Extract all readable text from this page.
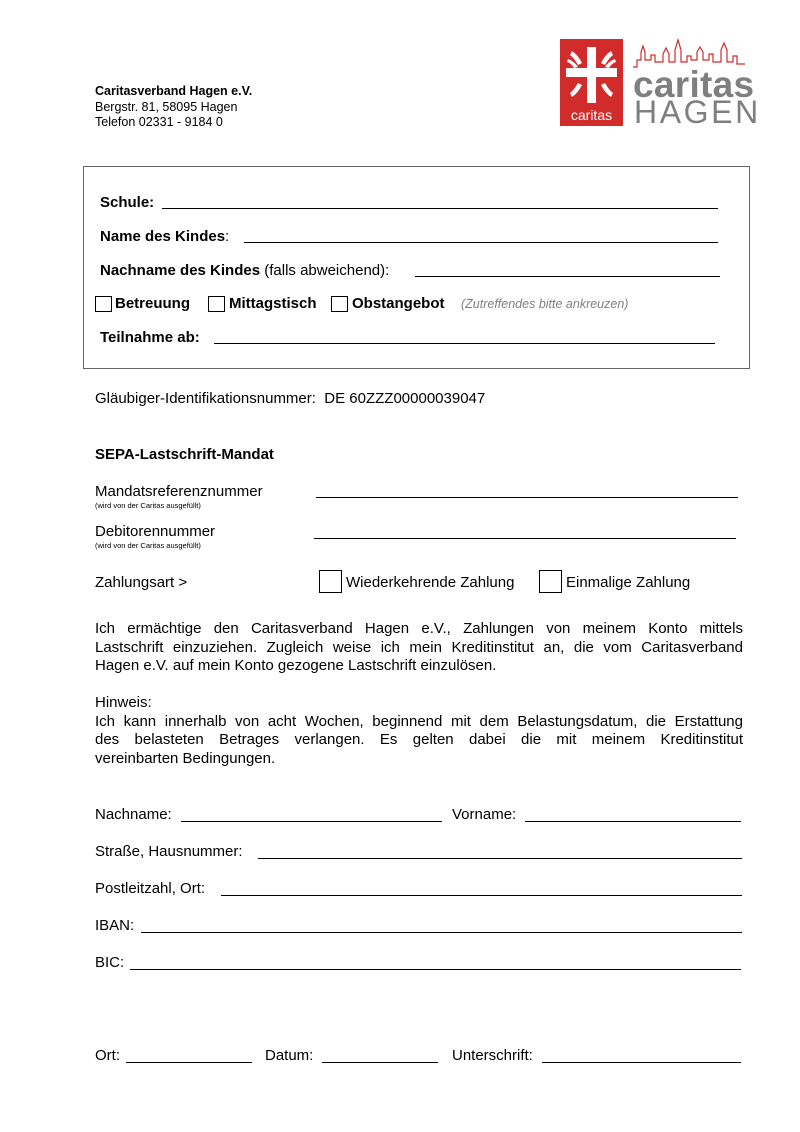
Caritasverband Hagen e.V.
Bergstr. 81, 58095 Hagen
Telefon 02331 - 9184 0	caritas
caritas
HAGEN
Schule:
Name des Kindes:
Nachname des Kindes (falls abweichend):
Betreuung	Mittagstisch Obstangebot (Zutreffendes bitte ankreuzen)
Teilnahme ab:
Gläubiger-Identifikationsnummer: DE 60ZZZ00000039047
SEPA-Lastschrift-Mandat
Mandatsreferenznummer
(wird von der Caritas ausgefüllt)
Debitorennummer
(wird von der Caritas ausgefüllt)
Zahlungsart >	Wiederkehrende Zahlung	Einmalige Zahlung
Ich ermächtige den Caritasverband Hagen e.V., Zahlungen von meinem Konto mittels
Lastschrift einzuziehen. Zugleich weise ich mein Kreditinstitut an, die vom Caritasverband
Hagen e.V. auf mein Konto gezogene Lastschrift einzulösen.
Hinweis:
Ich kann innerhalb von acht Wochen, beginnend mit dem Belastungsdatum, die Erstattung
des belasteten Betrages verlangen. Es gelten dabei die mit meinem Kreditinstitut
vereinbarten Bedingungen.
Nachname:	Vorname:
Straße, Hausnummer:
Postleitzahl, Ort:
IBAN:
BIC:
Ort:	Datum:	Unterschrift:
